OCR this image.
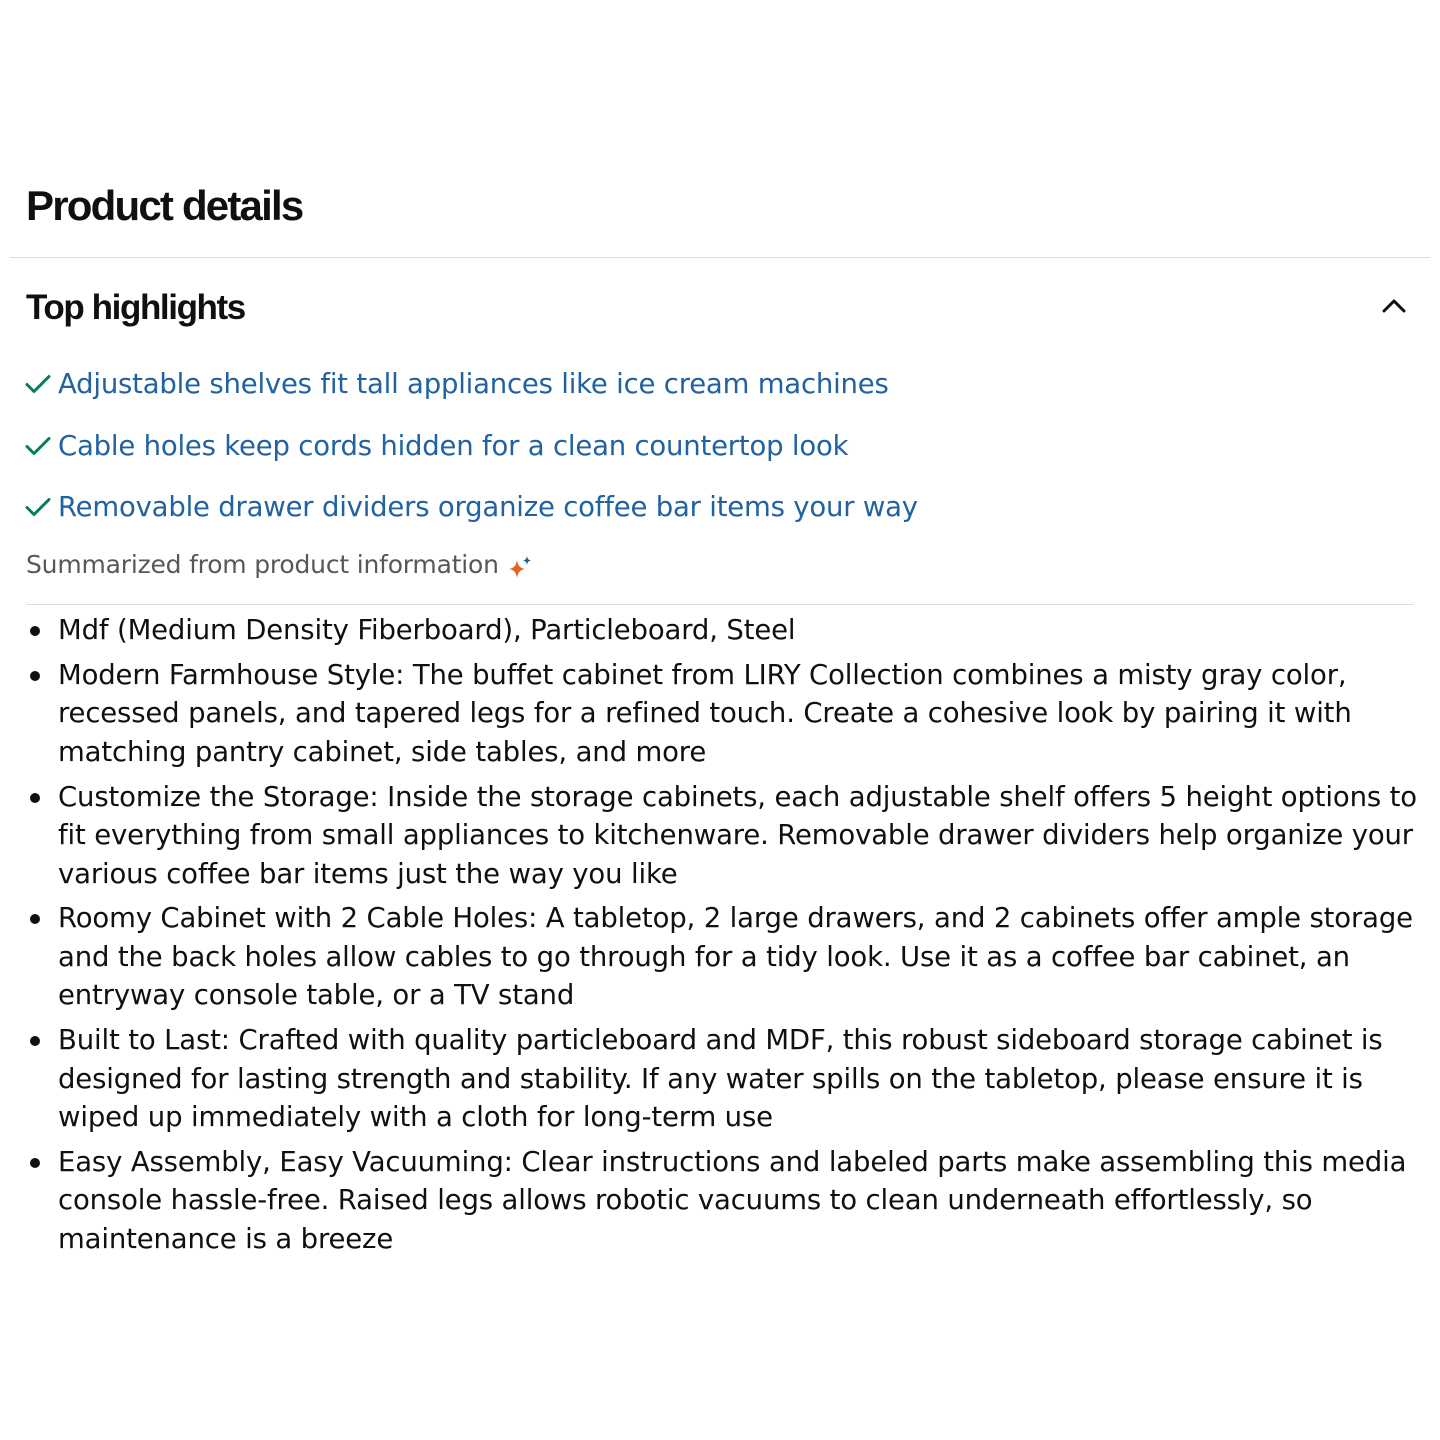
Product details
Top highlights
Adjustable shelves fit tall appliances like ice cream machines
Cable holes keep cords hidden for a clean countertop look
Removable drawer dividers organize coffee bar items your way
Summarized from product information
Mdf (Medium Density Fiberboard), Particleboard, Steel
Modern Farmhouse Style: The buffet cabinet from LIRY Collection combines a misty gray color, recessed panels, and tapered legs for a refined touch. Create a cohesive look by pairing it with matching pantry cabinet, side tables, and more
Customize the Storage: Inside the storage cabinets, each adjustable shelf offers 5 height options to fit everything from small appliances to kitchenware. Removable drawer dividers help organize your various coffee bar items just the way you like
Roomy Cabinet with 2 Cable Holes: A tabletop, 2 large drawers, and 2 cabinets offer ample storage and the back holes allow cables to go through for a tidy look. Use it as a coffee bar cabinet, an entryway console table, or a TV stand
Built to Last: Crafted with quality particleboard and MDF, this robust sideboard storage cabinet is designed for lasting strength and stability. If any water spills on the tabletop, please ensure it is wiped up immediately with a cloth for long-term use
Easy Assembly, Easy Vacuuming: Clear instructions and labeled parts make assembling this media console hassle-free. Raised legs allows robotic vacuums to clean underneath effortlessly, so maintenance is a breeze
